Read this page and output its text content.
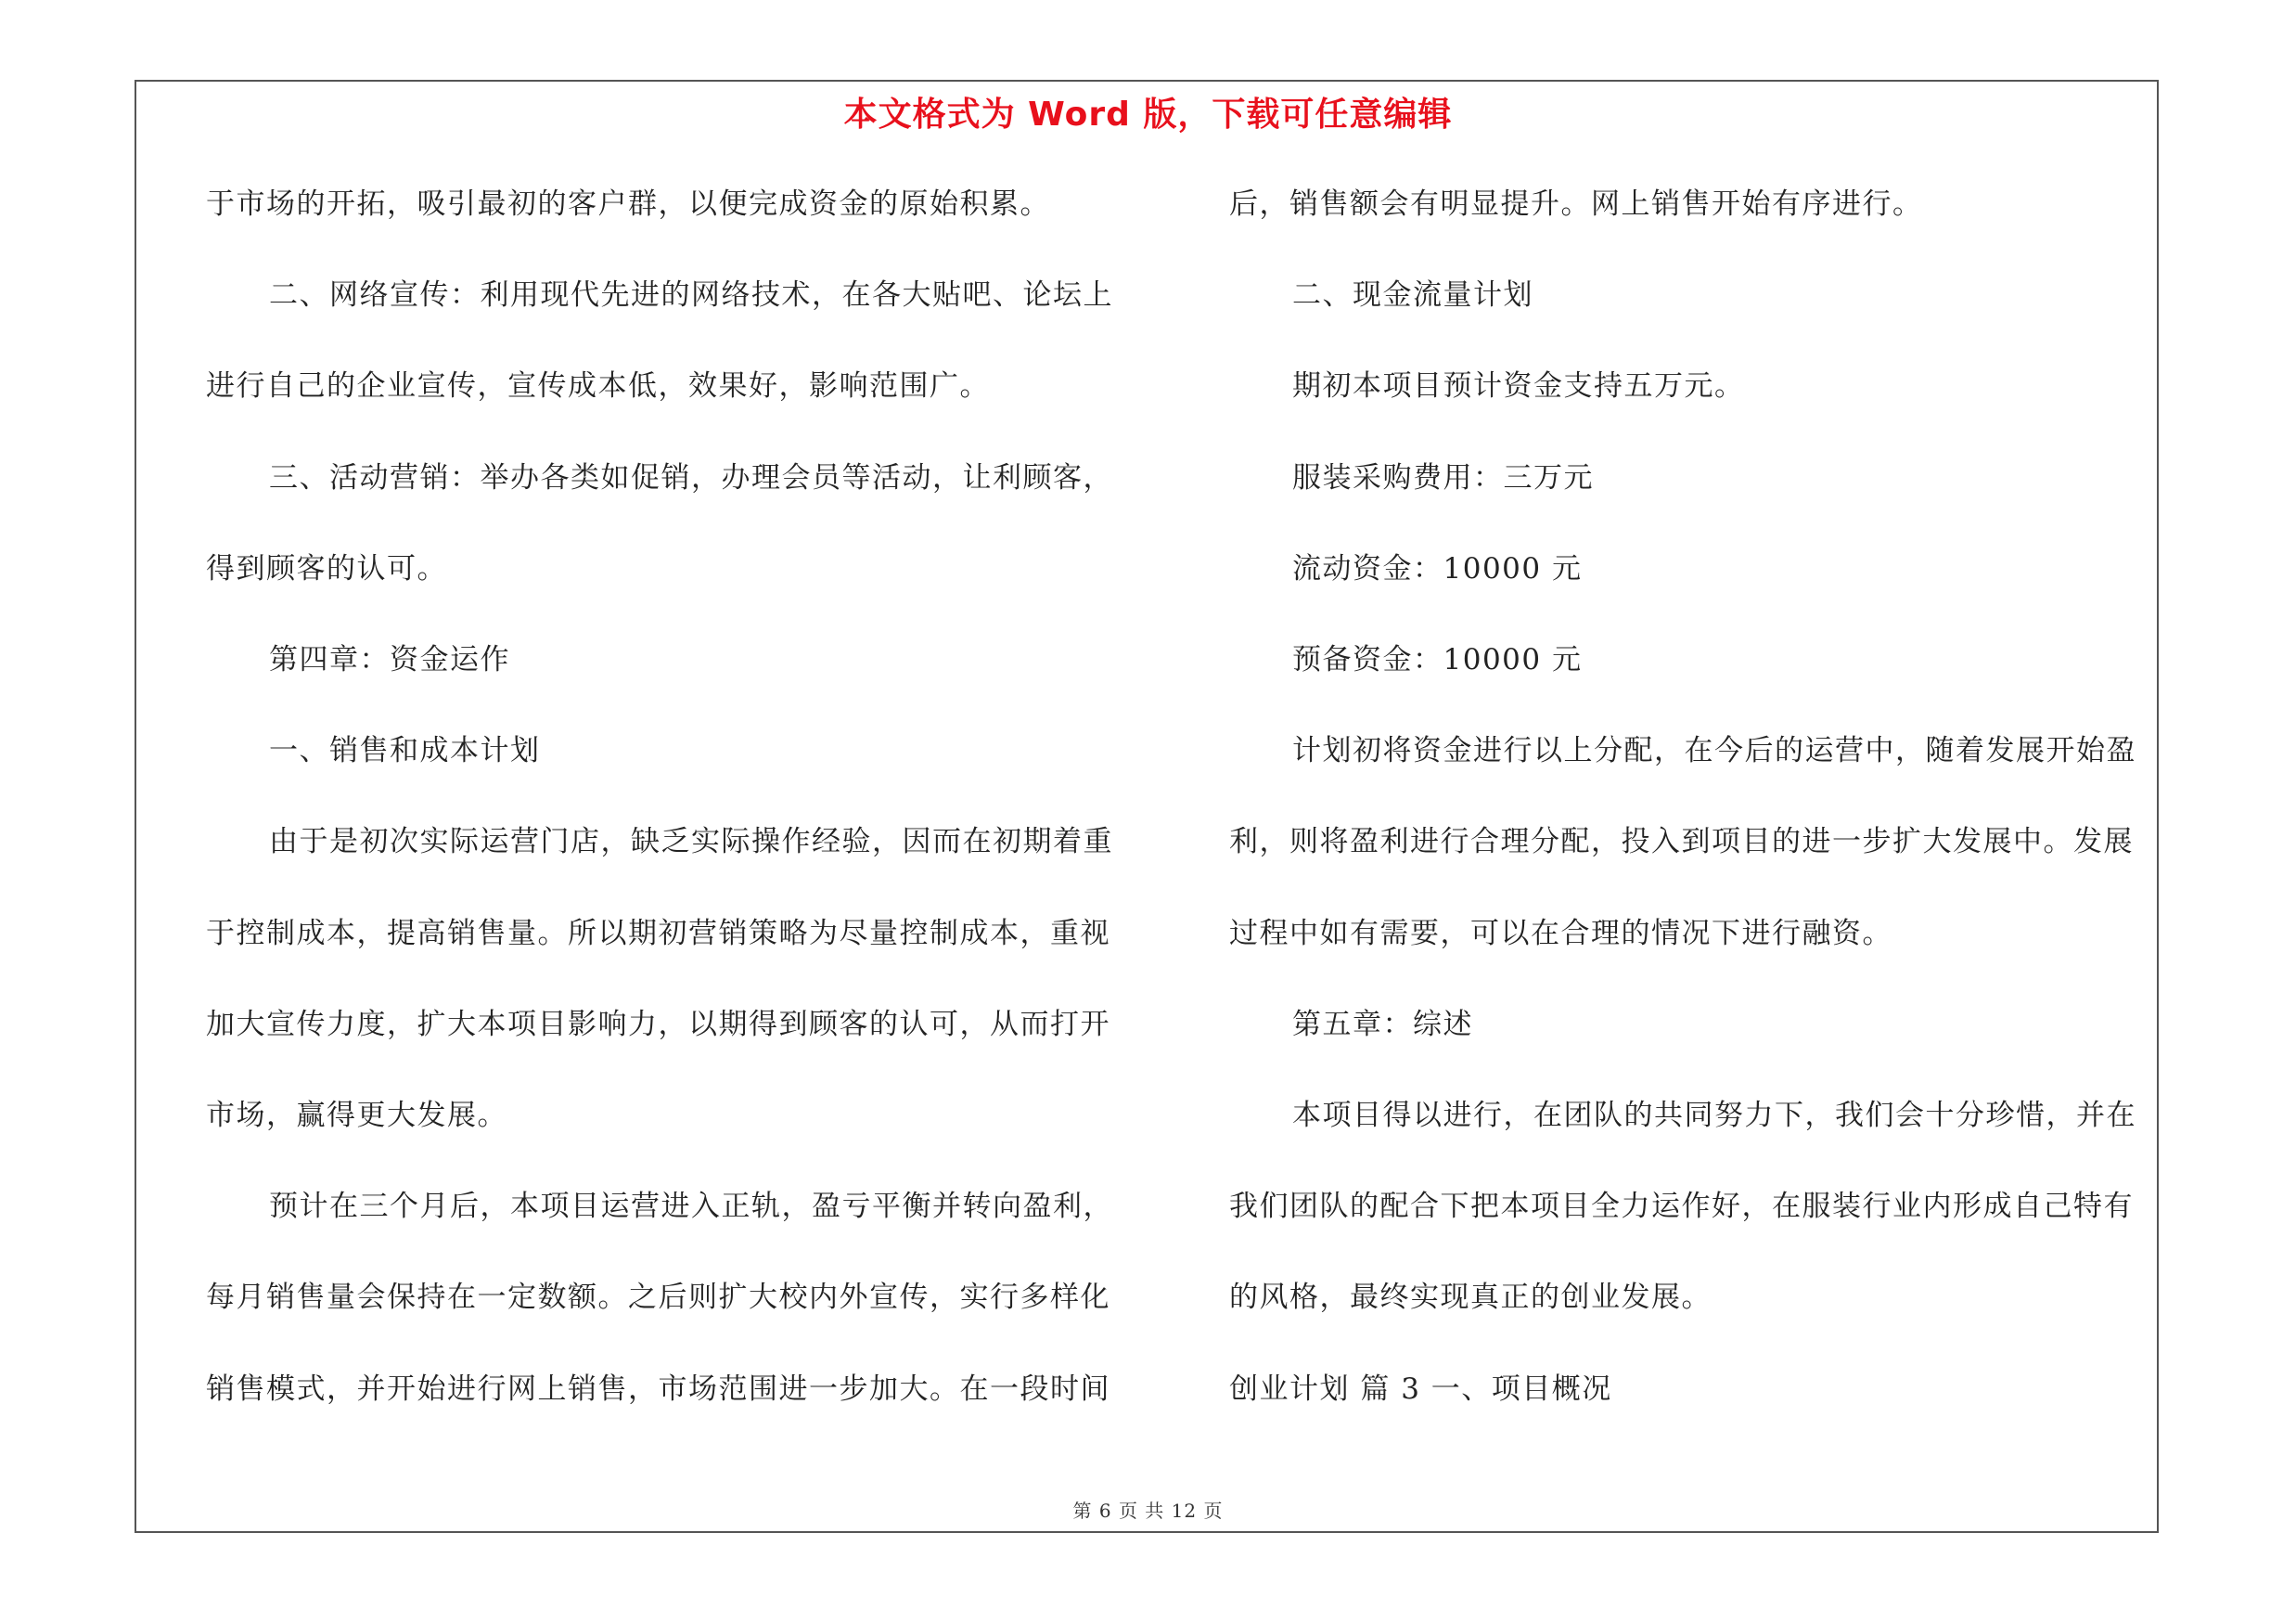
本文格式为 Word 版，下载可任意编辑
于市场的开拓，吸引最初的客户群，以便完成资金的原始积累。
二、网络宣传：利用现代先进的网络技术，在各大贴吧、论坛上
进行自己的企业宣传，宣传成本低，效果好，影响范围广。
三、活动营销：举办各类如促销，办理会员等活动，让利顾客，
得到顾客的认可。
第四章：资金运作
一、销售和成本计划
由于是初次实际运营门店，缺乏实际操作经验，因而在初期着重
于控制成本，提高销售量。所以期初营销策略为尽量控制成本，重视
加大宣传力度，扩大本项目影响力，以期得到顾客的认可，从而打开
市场，赢得更大发展。
预计在三个月后，本项目运营进入正轨，盈亏平衡并转向盈利，
每月销售量会保持在一定数额。之后则扩大校内外宣传，实行多样化
销售模式，并开始进行网上销售，市场范围进一步加大。在一段时间
后，销售额会有明显提升。网上销售开始有序进行。
二、现金流量计划
期初本项目预计资金支持五万元。
服装采购费用：三万元
流动资金：10000 元
预备资金：10000 元
计划初将资金进行以上分配，在今后的运营中，随着发展开始盈
利，则将盈利进行合理分配，投入到项目的进一步扩大发展中。发展
过程中如有需要，可以在合理的情况下进行融资。
第五章：综述
本项目得以进行，在团队的共同努力下，我们会十分珍惜，并在
我们团队的配合下把本项目全力运作好，在服装行业内形成自己特有
的风格，最终实现真正的创业发展。
创业计划 篇 3 一、项目概况
第 6 页 共 12 页
